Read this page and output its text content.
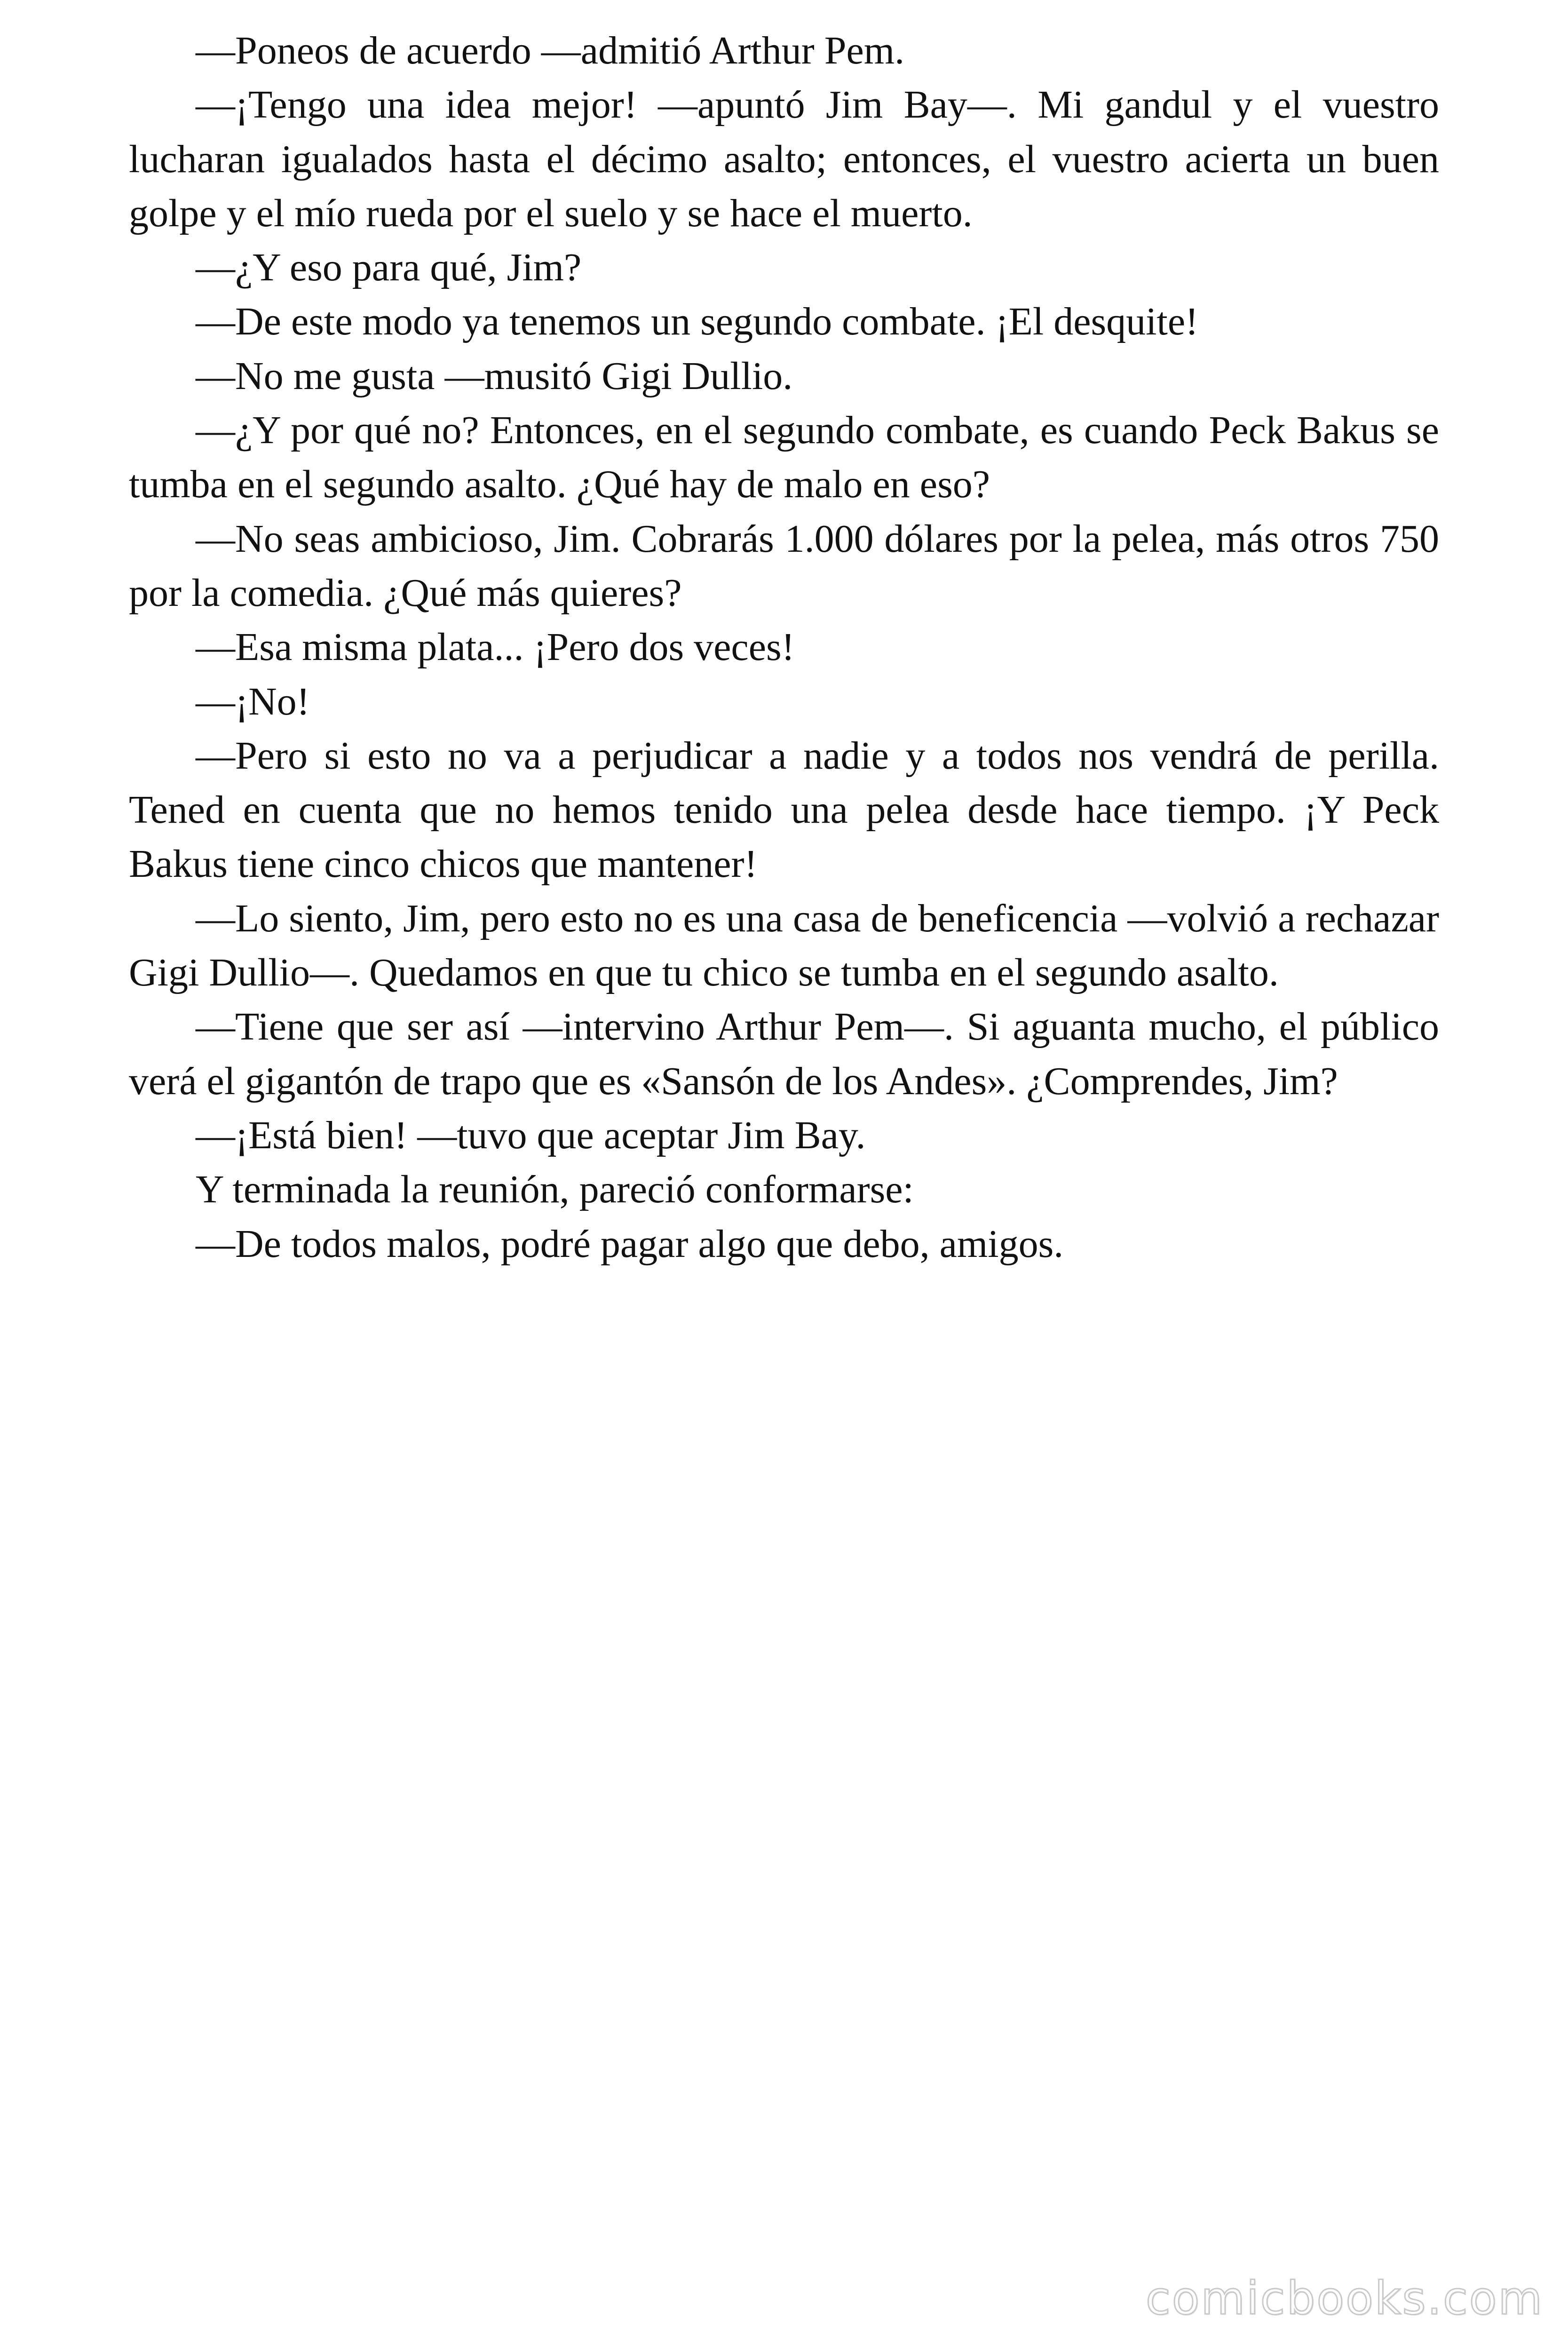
—Poneos de acuerdo —admitió Arthur Pem.

—¡Tengo una idea mejor! —apuntó Jim Bay—. Mi gandul y el vuestro lucharan igualados hasta el décimo asalto; entonces, el vuestro acierta un buen golpe y el mío rueda por el suelo y se hace el muerto.

—¿Y eso para qué, Jim?

—De este modo ya tenemos un segundo combate. ¡El desquite!

—No me gusta —musitó Gigi Dullio.

—¿Y por qué no? Entonces, en el segundo combate, es cuando Peck Bakus se tumba en el segundo asalto. ¿Qué hay de malo en eso?

—No seas ambicioso, Jim. Cobrarás 1.000 dólares por la pelea, más otros 750 por la comedia. ¿Qué más quieres?

—Esa misma plata... ¡Pero dos veces!

—¡No!

—Pero si esto no va a perjudicar a nadie y a todos nos vendrá de perilla. Tened en cuenta que no hemos tenido una pelea desde hace tiempo. ¡Y Peck Bakus tiene cinco chicos que mantener!

—Lo siento, Jim, pero esto no es una casa de beneficencia —volvió a rechazar Gigi Dullio—. Quedamos en que tu chico se tumba en el segundo asalto.

—Tiene que ser así —intervino Arthur Pem—. Si aguanta mucho, el público verá el gigantón de trapo que es «Sansón de los Andes». ¿Comprendes, Jim?

—¡Está bien! —tuvo que aceptar Jim Bay.

Y terminada la reunión, pareció conformarse:

—De todos malos, podré pagar algo que debo, amigos.

comicbooks.com
